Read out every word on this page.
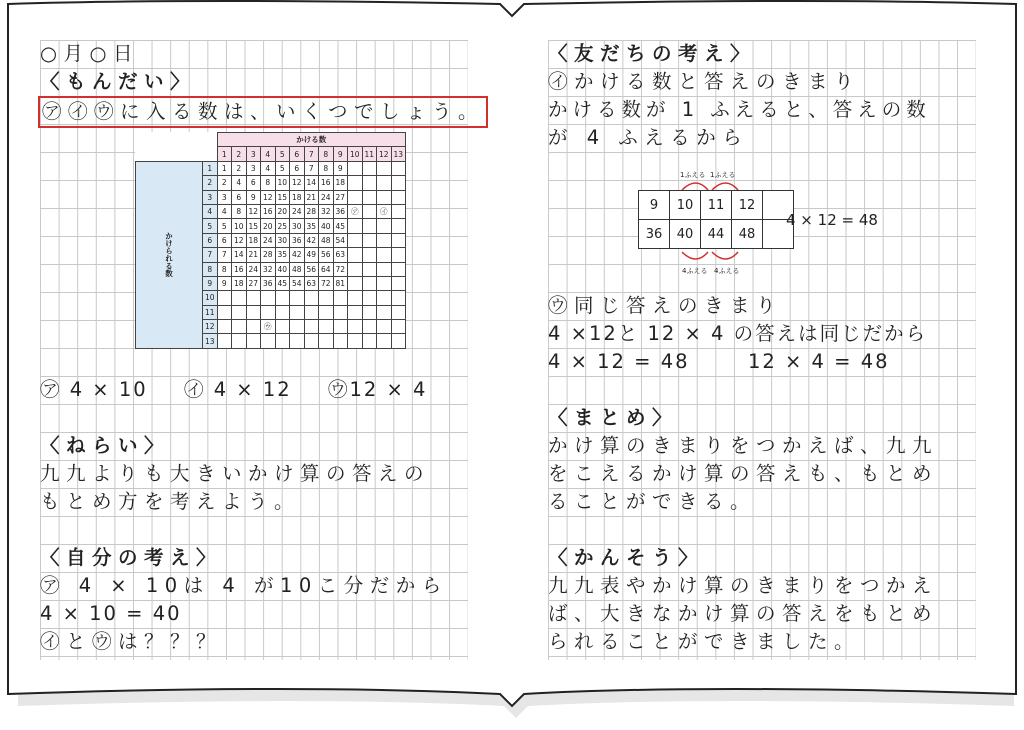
○月○日
〈もんだい〉
㋐㋑㋒に入る数は、いくつでしょう。
		かける数												
		1	2	3	4	5	6	7	8	9	10	11	12	13
かけられる数	1	1	2	3	4	5	6	7	8	9				
	2	2	4	6	8	10	12	14	16	18				
	3	3	6	9	12	15	18	21	24	27				
	4	4	8	12	16	20	24	28	32	36	㋐		㋑	
	5	5	10	15	20	25	30	35	40	45				
	6	6	12	18	24	30	36	42	48	54				
	7	7	14	21	28	35	42	49	56	63				
	8	8	16	24	32	40	48	56	64	72				
	9	9	18	27	36	45	54	63	72	81				
	10													
	11													
	12				㋒									
	13													
㋐ 4 × 10 ㋑ 4 × 12 ㋒12 × 4
〈ねらい〉
九九よりも大きいかけ算の答えの
もとめ方を考えよう。
〈自分の考え〉
㋐ 4 × 10は 4 が10こ分だから
4 × 10 = 40
㋑と㋒は？？？
〈友だちの考え〉
㋑かける数と答えのきまり
かける数が 1 ふえると、答えの数
が 4 ふえるから
1ふえる 1ふえる
9	10	11	12	
36	40	44	48	
4 × 12 = 48
4ふえる 4ふえる
㋒同じ答えのきまり
4 ×12と 12 × 4 の答えは同じだから
4 × 12 = 48	12 × 4 = 48
〈まとめ〉
かけ算のきまりをつかえば、九九
をこえるかけ算の答えも、もとめ
ることができる。
〈かんそう〉
九九表やかけ算のきまりをつかえ
ば、大きなかけ算の答えをもとめ
られることができました。
